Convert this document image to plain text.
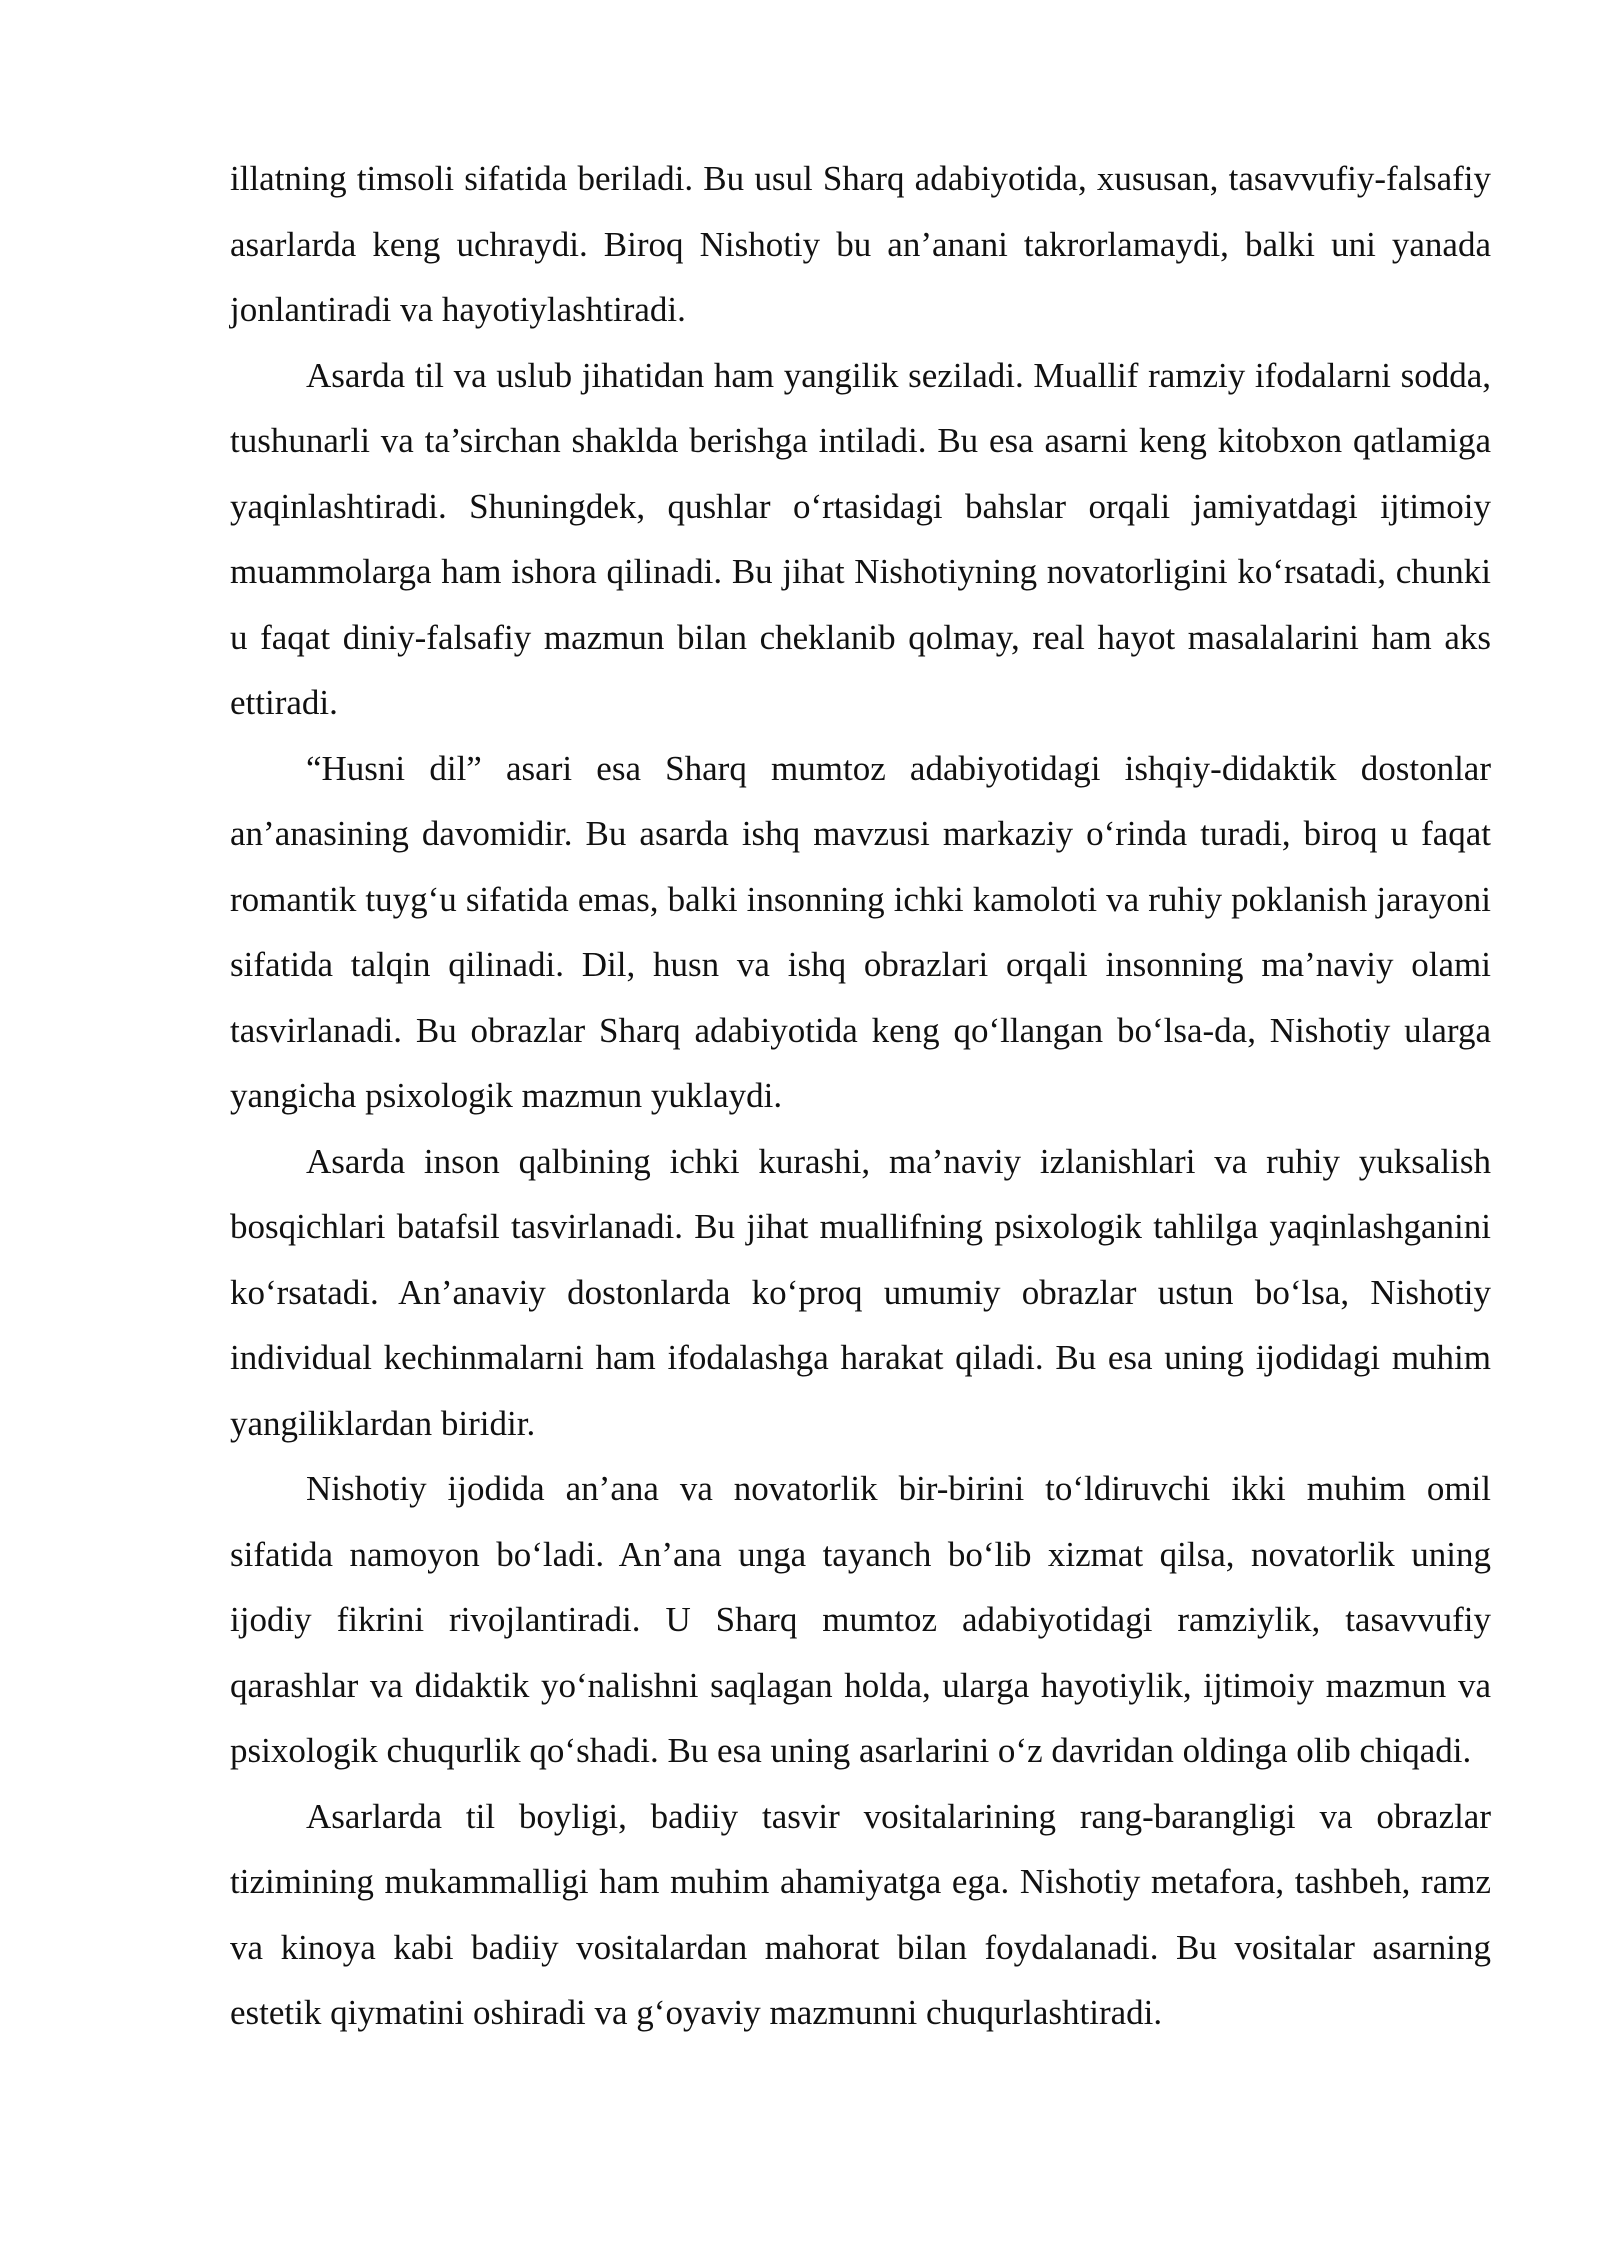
illatning timsoli sifatida beriladi. Bu usul Sharq adabiyotida, xususan, tasavvufiy-falsafiy asarlarda keng uchraydi. Biroq Nishotiy bu an’anani takrorlamaydi, balki uni yanada jonlantiradi va hayotiylashtiradi.

Asarda til va uslub jihatidan ham yangilik seziladi. Muallif ramziy ifodalarni sodda, tushunarli va ta’sirchan shaklda berishga intiladi. Bu esa asarni keng kitobxon qatlamiga yaqinlashtiradi. Shuningdek, qushlar o‘rtasidagi bahslar orqali jamiyatdagi ijtimoiy muammolarga ham ishora qilinadi. Bu jihat Nishotiyning novatorligini ko‘rsatadi, chunki u faqat diniy-falsafiy mazmun bilan cheklanib qolmay, real hayot masalalarini ham aks ettiradi.

“Husni dil” asari esa Sharq mumtoz adabiyotidagi ishqiy-didaktik dostonlar an’anasining davomidir. Bu asarda ishq mavzusi markaziy o‘rinda turadi, biroq u faqat romantik tuyg‘u sifatida emas, balki insonning ichki kamoloti va ruhiy poklanish jarayoni sifatida talqin qilinadi. Dil, husn va ishq obrazlari orqali insonning ma’naviy olami tasvirlanadi. Bu obrazlar Sharq adabiyotida keng qo‘llangan bo‘lsa-da, Nishotiy ularga yangicha psixologik mazmun yuklaydi.

Asarda inson qalbining ichki kurashi, ma’naviy izlanishlari va ruhiy yuksalish bosqichlari batafsil tasvirlanadi. Bu jihat muallifning psixologik tahlilga yaqinlashganini ko‘rsatadi. An’anaviy dostonlarda ko‘proq umumiy obrazlar ustun bo‘lsa, Nishotiy individual kechinmalarni ham ifodalashga harakat qiladi. Bu esa uning ijodidagi muhim yangiliklardan biridir.

Nishotiy ijodida an’ana va novatorlik bir-birini to‘ldiruvchi ikki muhim omil sifatida namoyon bo‘ladi. An’ana unga tayanch bo‘lib xizmat qilsa, novatorlik uning ijodiy fikrini rivojlantiradi. U Sharq mumtoz adabiyotidagi ramziylik, tasavvufiy qarashlar va didaktik yo‘nalishni saqlagan holda, ularga hayotiylik, ijtimoiy mazmun va psixologik chuqurlik qo‘shadi. Bu esa uning asarlarini o‘z davridan oldinga olib chiqadi.

Asarlarda til boyligi, badiiy tasvir vositalarining rang-barangligi va obrazlar tizimining mukammalligi ham muhim ahamiyatga ega. Nishotiy metafora, tashbeh, ramz va kinoya kabi badiiy vositalardan mahorat bilan foydalanadi. Bu vositalar asarning estetik qiymatini oshiradi va g‘oyaviy mazmunni chuqurlashtiradi.
